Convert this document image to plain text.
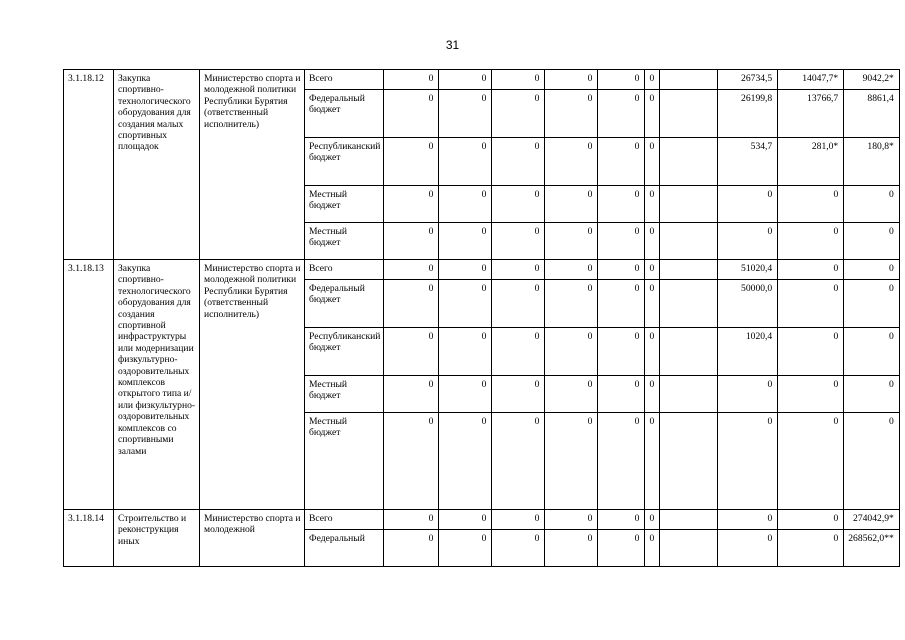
31
3.1.18.12	Закупка спортивно-технологического оборудования для создания малых спортивных площадок	Министерство спорта и молодежной политики Республики Бурятия (ответственный исполнитель)	Всего	0	0	0	0	0	0		26734,5	14047,7*	9042,2*
			Федеральный бюджет	0	0	0	0	0	0		26199,8	13766,7	8861,4
			Республиканский бюджет	0	0	0	0	0	0		534,7	281,0*	180,8*
			Местный бюджет	0	0	0	0	0	0		0	0	0
			Местный бюджет	0	0	0	0	0	0		0	0	0
3.1.18.13	Закупка спортивно-технологического оборудования для создания спортивной инфраструктуры или модернизации физкультурно-оздоровительных комплексов открытого типа и/или физкультурно-оздоровительных комплексов со спортивными залами	Министерство спорта и молодежной политики Республики Бурятия (ответственный исполнитель)	Всего	0	0	0	0	0	0		51020,4	0	0
			Федеральный бюджет	0	0	0	0	0	0		50000,0	0	0
			Республиканский бюджет	0	0	0	0	0	0		1020,4	0	0
			Местный бюджет	0	0	0	0	0	0		0	0	0
			Местный бюджет	0	0	0	0	0	0		0	0	0
3.1.18.14	Строительство и реконструкция иных	Министерство спорта и молодежной	Всего	0	0	0	0	0	0		0	0	274042,9*
			Федеральный	0	0	0	0	0	0		0	0	268562,0**
